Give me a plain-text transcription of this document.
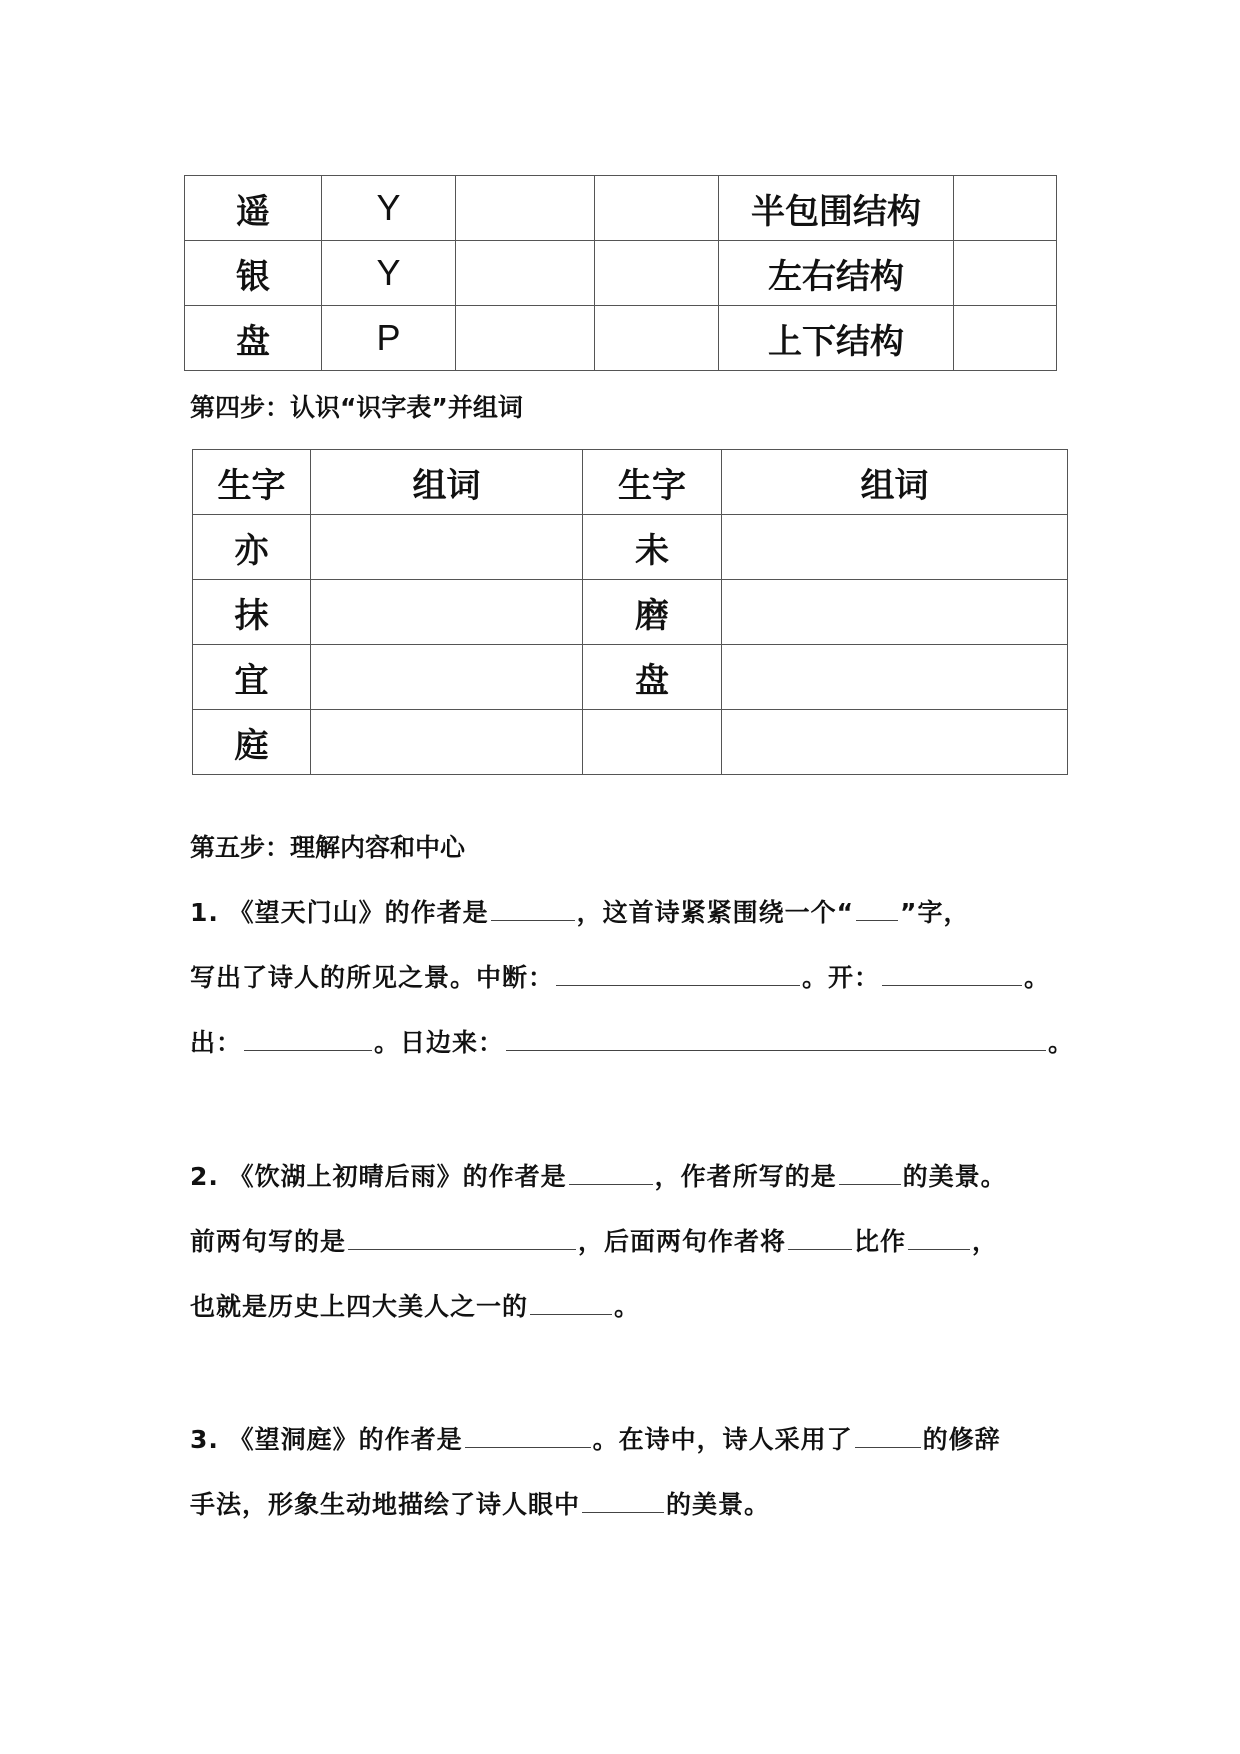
遥	Y			半包围结构	
银	Y			左右结构	
盘	P			上下结构	
第四步：认识“识字表”并组词
生字	组词	生字	组词
亦		未	
抹		磨	
宜		盘	
庭			
第五步：理解内容和中心
1. 《望天门山》的作者是	，这首诗紧紧围绕一个“ ”字，
写出了诗人的所见之景。中断：	。开：	。
出：	。日边来：	。
2. 《饮湖上初晴后雨》的作者是	，作者所写的是	的美景。
前两句写的是	，后面两句作者将	比作	，
也就是历史上四大美人之一的	。
3. 《望洞庭》的作者是	。在诗中，诗人采用了	的修辞
手法，形象生动地描绘了诗人眼中	的美景。
